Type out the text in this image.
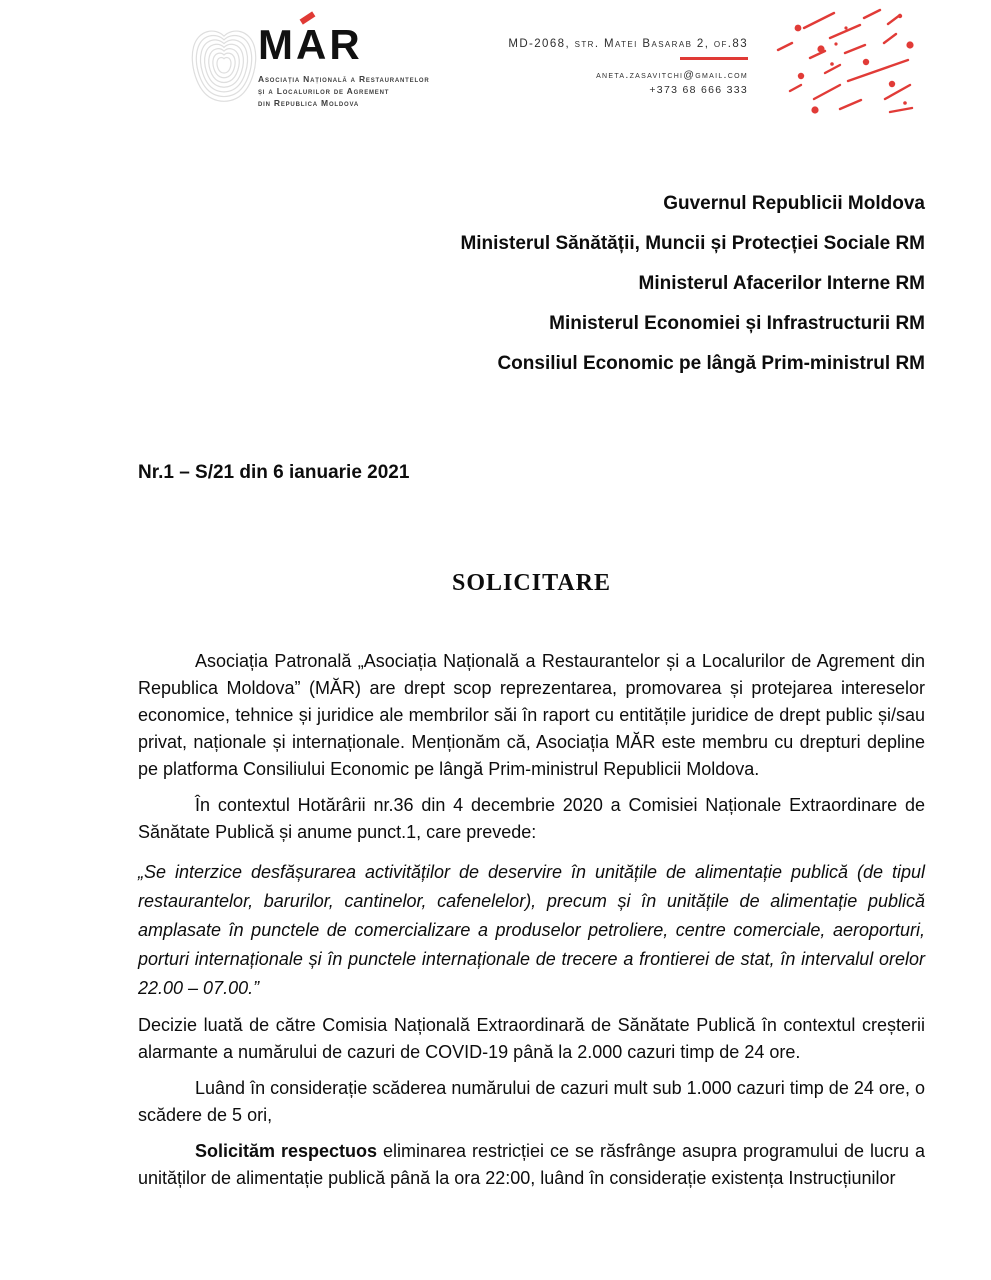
M
AR
Asociația Națională a Restaurantelor
și a Localurilor de Agrement
din Republica Moldova
MD-2068, str. Matei Basarab 2, of.83
aneta.zasavitchi@gmail.com
+373 68 666 333
Guvernul Republicii Moldova
Ministerul Sănătății, Muncii și Protecției Sociale RM
Ministerul Afacerilor Interne RM
Ministerul Economiei și Infrastructurii RM
Consiliul Economic pe lângă Prim-ministrul RM
Nr.1 – S/21 din 6 ianuarie 2021
SOLICITARE

Asociația Patronală „Asociația Națională a Restaurantelor și a Localurilor de Agrement din Republica Moldova” (MĂR) are drept scop reprezentarea, promovarea și protejarea intereselor economice, tehnice și juridice ale membrilor săi în raport cu entitățile juridice de drept public și/sau privat, naționale și internaționale. Menționăm că, Asociația MĂR este membru cu drepturi depline pe platforma Consiliului Economic pe lângă Prim-ministrul Republicii Moldova.

În contextul Hotărârii nr.36 din 4 decembrie 2020 a Comisiei Naționale Extraordinare de Sănătate Publică și anume punct.1, care prevede:

„Se interzice desfășurarea activităților de deservire în unitățile de alimentație publică (de tipul restaurantelor, barurilor, cantinelor, cafenelelor), precum și în unitățile de alimentație publică amplasate în punctele de comercializare a produselor petroliere, centre comerciale, aeroporturi, porturi internaționale și în punctele internaționale de trecere a frontierei de stat, în intervalul orelor 22.00 – 07.00.”

Decizie luată de către Comisia Națională Extraordinară de Sănătate Publică în contextul creșterii alarmante a numărului de cazuri de COVID-19 până la 2.000 cazuri timp de 24 ore.

Luând în considerație scăderea numărului de cazuri mult sub 1.000 cazuri timp de 24 ore, o scădere de 5 ori,

Solicităm respectuos eliminarea restricției ce se răsfrânge asupra programului de lucru a unităților de alimentație publică până la ora 22:00, luând în considerație existența Instrucțiunilor
